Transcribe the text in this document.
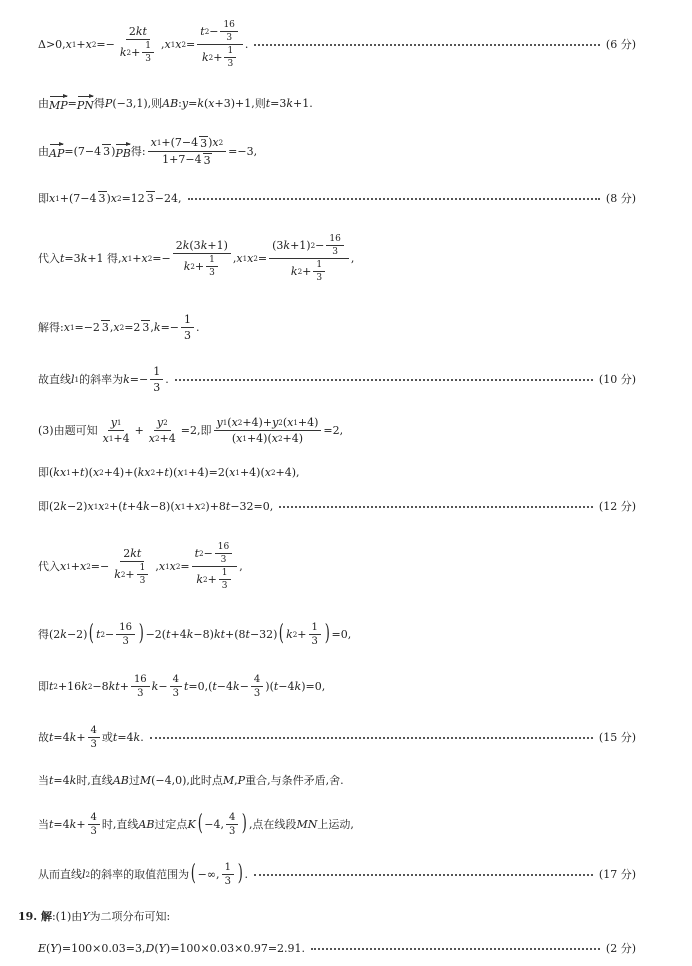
Δ>0, x 1 + x 2 =− 2 kt
k 2 + 1
3 , x 1 x 2 = t 2 − 16
3
k 2 + 1
3 .	(6 分)
由 MP = PN 得 P (−3,1),则 AB : y = k ( x +3)+1,则 t =3 k +1.
由 AP =(7−4 3 ) PB 得: $\frac{x 1 +(7-4 3 ) x 2}{1+7-4 3} =-3$,
即 x 1 +(7−4 3 ) x 2 =12 3 −24,	(8 分)
代入 t =3 k +1 得, x 1 + x 2 =− 2 k (3 k +1)
k 2 + 1
3 , x 1 x 2 = (3 k +1) 2 − 16
3
k 2 + 1
3 ,
解得: x 1 =−2 3 , x 2 =2 3 , $k =- \frac{1}{3}$ .
故直线 l 1 的斜率为 $k =- \frac{1}{3}$ .	(10 分)
(3)由题可知
y 1
x 1 +4
+ $\frac{y 2}{x 2 +4} =2$,即 $\frac{y 1 ( x 2 +4)+ y 2 ( x 1 +4)}{( x 1 +4)( x 2 +4)} =2$,
即( kx 1 + t )( x 2 +4)+( kx 2 + t )( x 1 +4)=2( x 1 +4)( x 2 +4),
即(2 k −2) x 1 x 2 +( t +4 k −8)( x 1 + x 2 )+8 t −32=0,	(12 分)
代入 x 1 + x 2 =− 2 kt
k 2 + 1
3 , x 1 x 2 = t 2 − 16
3
k 2 + 1
3 ,
得(2 k −2) ( t $2 - \frac{16}{3}$ ) −2( t +4 k −8) kt +(8 t −32) ( k $2 + \frac{1}{3}$ ) =0,
即 t 2 +16 k 2 −8 kt + $\frac{16}{3}$ $k - \frac{4}{3}$ t =0,( t −4 $k - \frac{4}{3}$ )( t −4 k )=0,
故 t =4 $k + \frac{4}{3}$ 或 t =4 k .	(15 分)
当 t =4 k 时,直线 AB 过 M (−4,0),此时点 M , P 重合,与条件矛盾,舍.
当 t =4 $k + \frac{4}{3}$ 时,直线 AB 过定点 K ( −4,
4
3 ) ,点在线段 MN 上运动,
从而直线 l 2 的斜率的取值范围为 ( −∞,
1
3 ) .	(17 分)
19. 解 :(1)由 Y 为二项分布可知:
E ( Y )=100×0.03=3, D ( Y )=100×0.03×0.97=2.91.	(2 分)
